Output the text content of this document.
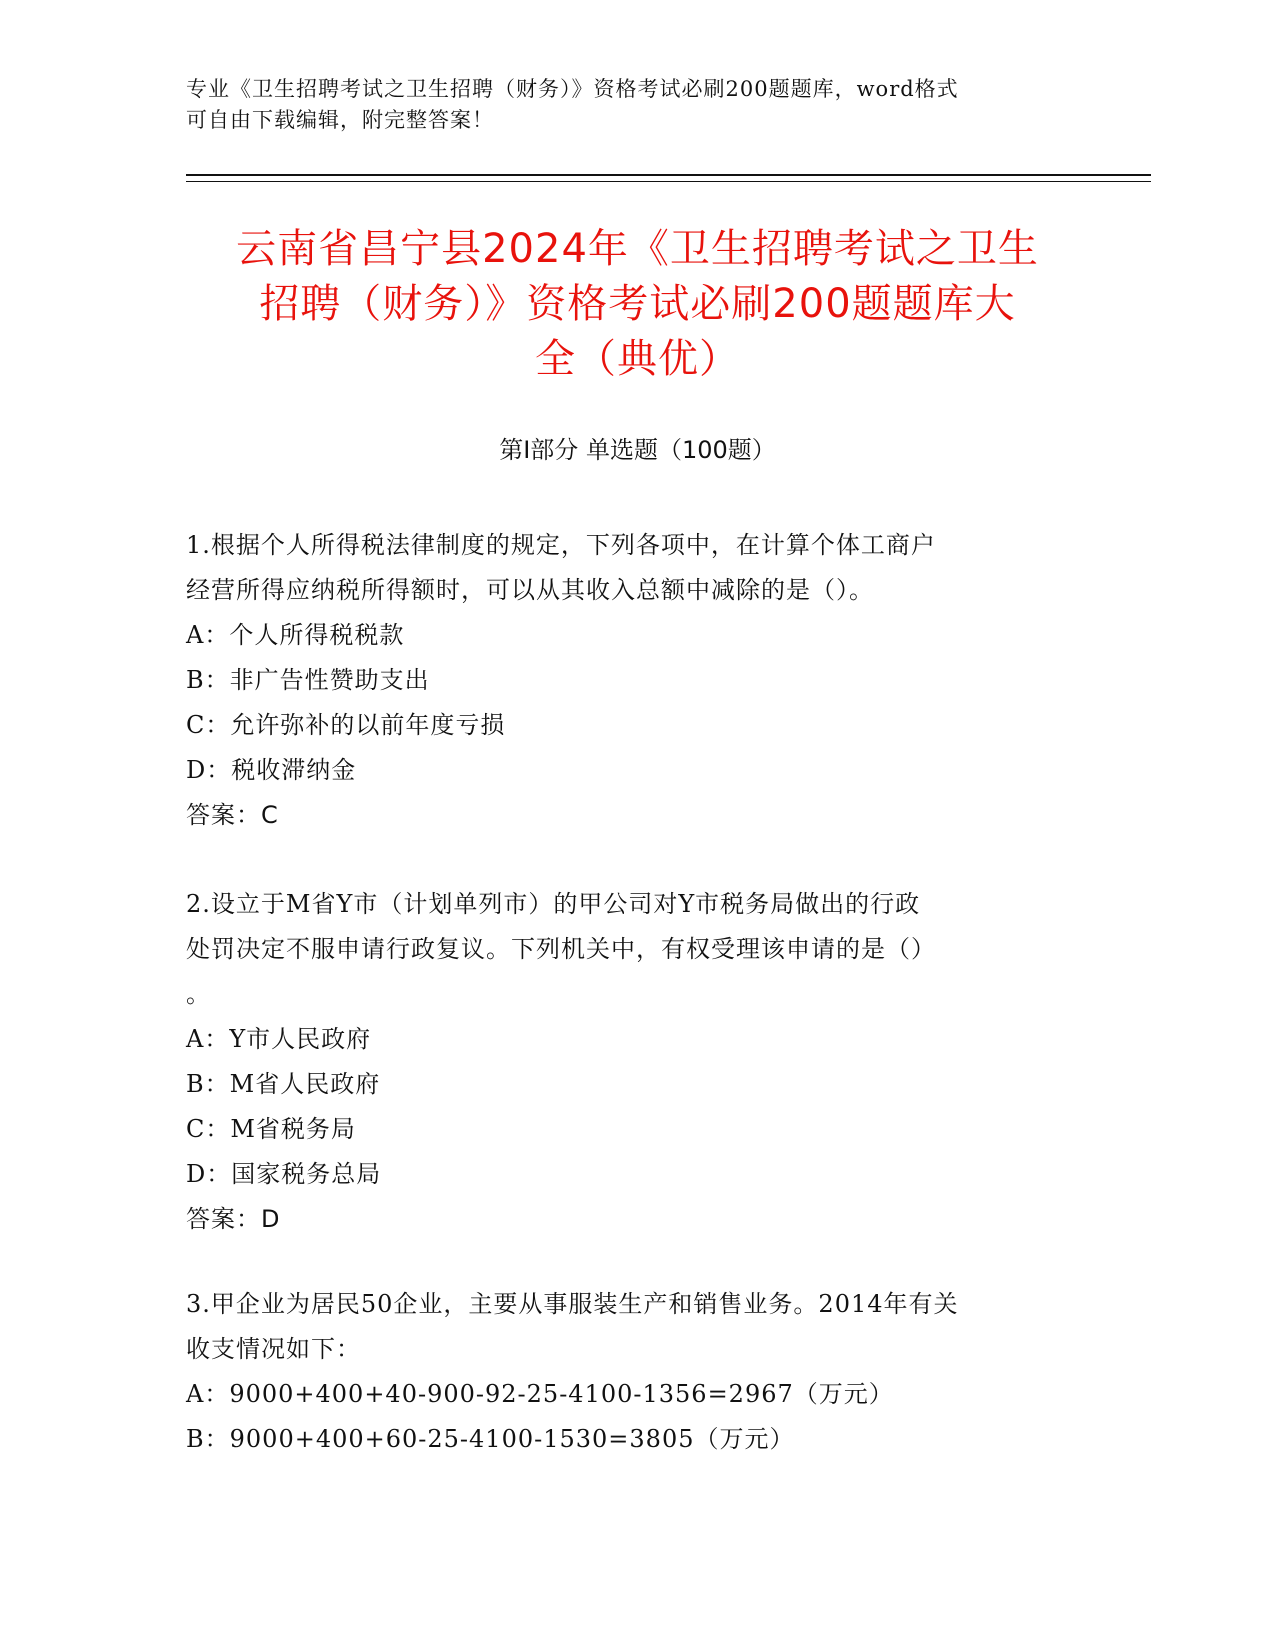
专业《卫生招聘考试之卫生招聘（财务）》资格考试必刷200题题库，word格式
可自由下载编辑，附完整答案！
云南省昌宁县2024年《卫生招聘考试之卫生
招聘（财务）》资格考试必刷200题题库大
全（典优）
第I部分 单选题（100题）

1.根据个人所得税法律制度的规定，下列各项中，在计算个体工商户

经营所得应纳税所得额时，可以从其收入总额中减除的是（）。

A：个人所得税税款

B：非广告性赞助支出

C：允许弥补的以前年度亏损

D：税收滞纳金

答案：C

2.设立于M省Y市（计划单列市）的甲公司对Y市税务局做出的行政

处罚决定不服申请行政复议。下列机关中，有权受理该申请的是（）

。

A：Y市人民政府

B：M省人民政府

C：M省税务局

D：国家税务总局

答案：D

3.甲企业为居民50企业，主要从事服装生产和销售业务。2014年有关

收支情况如下：

A：9000+400+40-900-92-25-4100-1356=2967（万元）

B：9000+400+60-25-4100-1530=3805（万元）
